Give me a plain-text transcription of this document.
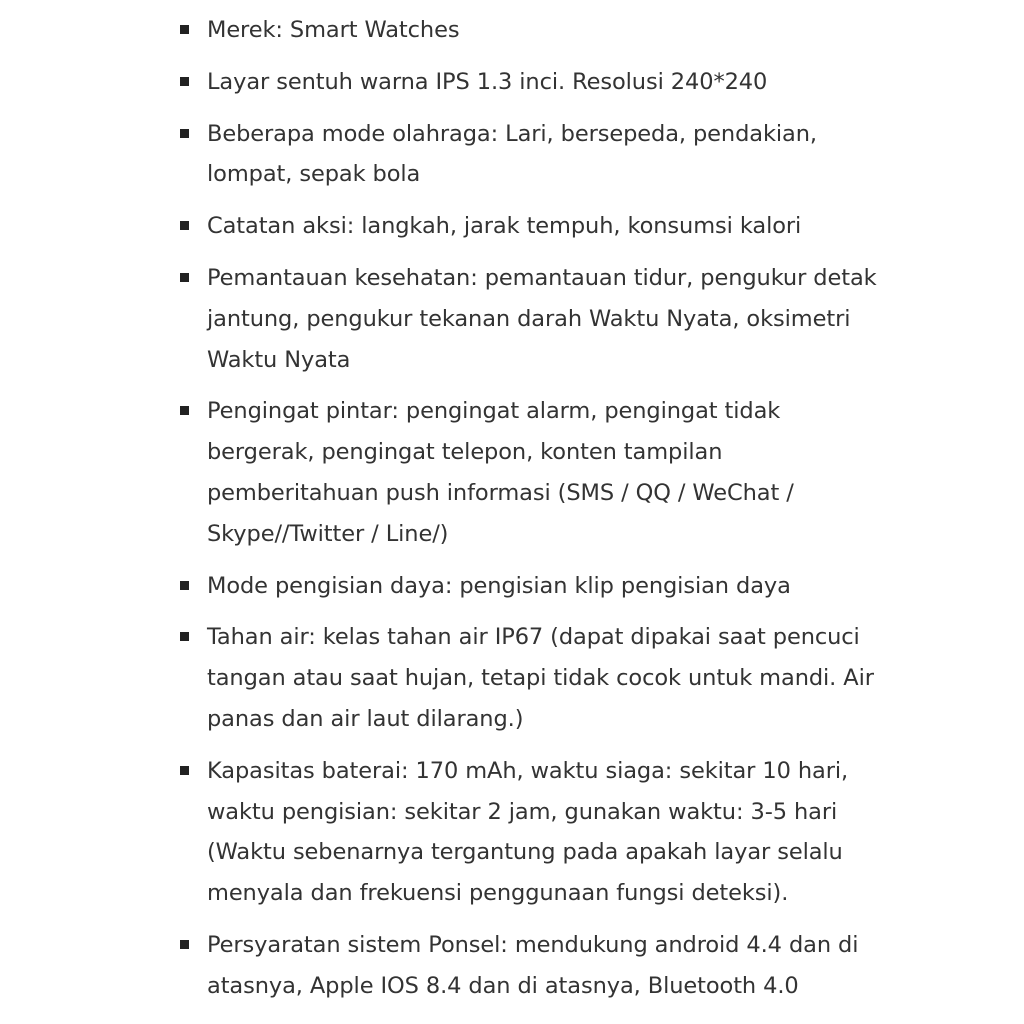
Merek: Smart Watches
Layar sentuh warna IPS 1.3 inci. Resolusi 240*240
Beberapa mode olahraga: Lari, bersepeda, pendakian, lompat, sepak bola
Catatan aksi: langkah, jarak tempuh, konsumsi kalori
Pemantauan kesehatan: pemantauan tidur, pengukur detak jantung, pengukur tekanan darah Waktu Nyata, oksimetri Waktu Nyata
Pengingat pintar: pengingat alarm, pengingat tidak bergerak, pengingat telepon, konten tampilan pemberitahuan push informasi (SMS / QQ / WeChat / Skype//Twitter / Line/)
Mode pengisian daya: pengisian klip pengisian daya
Tahan air: kelas tahan air IP67 (dapat dipakai saat pencuci tangan atau saat hujan, tetapi tidak cocok untuk mandi. Air panas dan air laut dilarang.)
Kapasitas baterai: 170 mAh, waktu siaga: sekitar 10 hari, waktu pengisian: sekitar 2 jam, gunakan waktu: 3-5 hari (Waktu sebenarnya tergantung pada apakah layar selalu menyala dan frekuensi penggunaan fungsi deteksi).
Persyaratan sistem Ponsel: mendukung android 4.4 dan di atasnya, Apple IOS 8.4 dan di atasnya, Bluetooth 4.0
